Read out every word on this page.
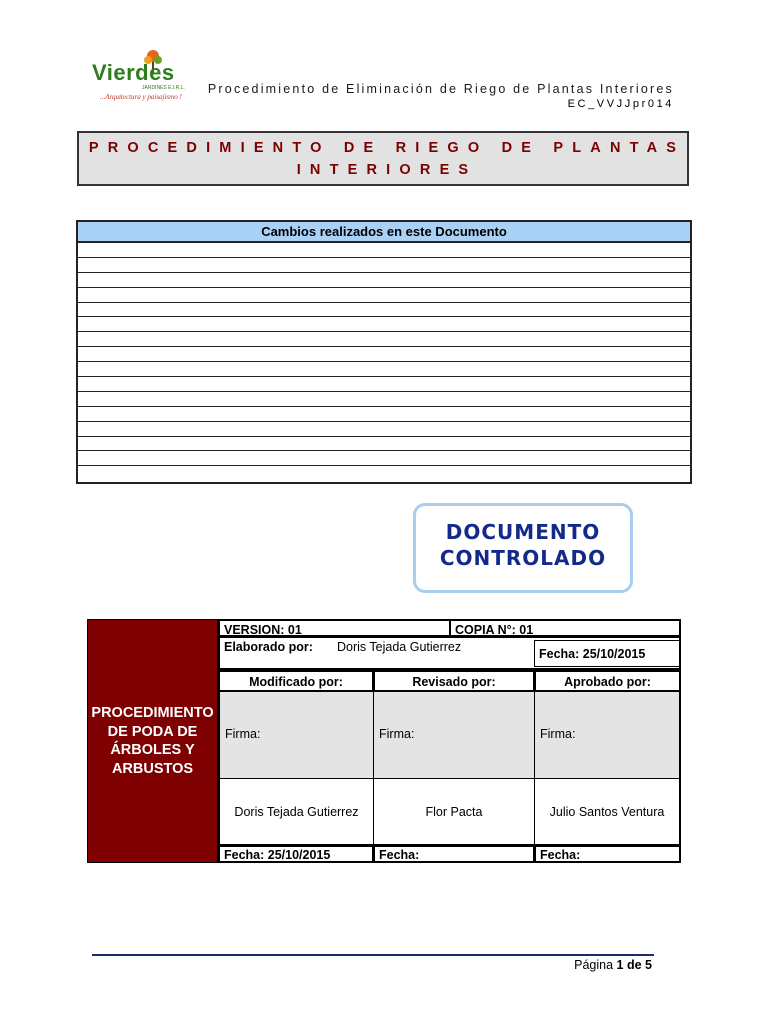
Vierdes
JARDINES E.I.R.L.
...Arquitectura y paisajismo !
Procedimiento de Eliminación de Riego de Plantas Interiores
EC_VVJJpr014
PROCEDIMIENTO DE RIEGO DE PLANTAS
INTERIORES
Cambios realizados en este Documento
DOCUMENTO
CONTROLADO
PROCEDIMIENTO DE PODA DE ÁRBOLES Y ARBUSTOS
VERSION: 01	COPIA N°: 01
Elaborado por: Doris Tejada Gutierrez	Fecha: 25/10/2015
Modificado por:
Firma:
Doris Tejada Gutierrez
Fecha: 25/10/2015
Revisado por:
Firma:
Flor Pacta
Fecha:
Aprobado por:
Firma:
Julio Santos Ventura
Fecha:
Página 1 de 5
